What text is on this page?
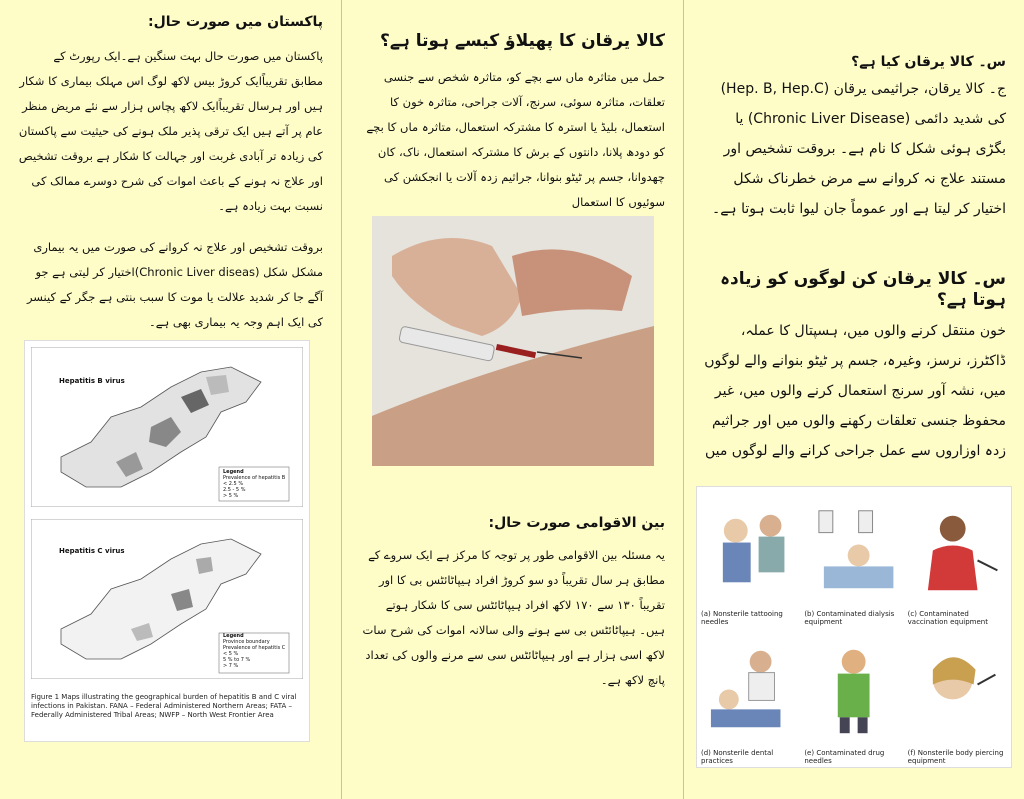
پاکستان میں صورت حال:

پاکستان میں صورت حال بہت سنگین ہے۔ایک رپورٹ کے مطابق تقریباًایک کروڑ بیس لاکھ لوگ اس مہلک بیماری کا شکار ہیں اور ہرسال تقریباًایک لاکھ پچاس ہزار سے نئے مریض منظر عام پر آتے ہیں ایک ترقی پذیر ملک ہونے کی حیثیت سے پاکستان کی زیادہ تر آبادی غربت اور جہالت کا شکار ہے بروقت تشخیص اور علاج نہ ہونے کے باعث اموات کی شرح دوسرے ممالک کی نسبت بہت زیادہ ہے۔

بروقت تشخیص اور علاج نہ کروانے کی صورت میں یہ بیماری مشکل شکل (Chronic Liver diseas)اختیار کر لیتی ہے جو آگے جا کر شدید علالت یا موت کا سبب بنتی ہے جگر کے کینسر کی ایک اہم وجہ یہ بیماری بھی ہے۔

Hepatitis B virus
Legend
Prevalence of hepatitis B
< 2.5 %
2.5 - 5 %
> 5 %
Hepatitis C virus
Legend
Province boundary
Prevalence of hepatitis C
< 5 %
5 % to 7 %
> 7 %
Figure 1 Maps illustrating the geographical burden of hepatitis B and C viral infections in Pakistan. FANA – Federal Administered Northern Areas; FATA – Federally Administered Tribal Areas; NWFP – North West Frontier Area

کالا یرقان کا پھیلاؤ کیسے ہوتا ہے؟

حمل میں متاثرہ ماں سے بچے کو، متاثرہ شخص سے جنسی تعلقات، متاثرہ سوئی، سرنج، آلات جراحی، متاثرہ خون کا استعمال، بلیڈ یا استرہ کا مشترکہ استعمال، متاثرہ ماں کا بچے کو دودھ پلانا، دانتوں کے برش کا مشترکہ استعمال، ناک، کان چھدوانا، جسم پر ٹیٹو بنوانا، جراثیم زدہ آلات یا انجکشن کی سوئیوں کا استعمال

بین الاقوامی صورت حال:

یہ مسئلہ بین الاقوامی طور پر توجہ کا مرکز ہے ایک سروے کے مطابق ہر سال تقریباً دو سو کروڑ افراد ہیپاٹائٹس بی کا اور تقریباً ۱۳۰ سے ۱۷۰ لاکھ افراد ہیپاٹائٹس سی کا شکار ہوتے ہیں۔ ہیپاٹائٹس بی سے ہونے والی سالانہ اموات کی شرح سات لاکھ اسی ہزار ہے اور ہیپاٹائٹس سی سے مرنے والوں کی تعداد پانچ لاکھ ہے۔

س۔ کالا یرقان کیا ہے؟

ج۔ کالا یرقان، جراثیمی یرقان (Hep. B, Hep.C) کی شدید دائمی (Chronic Liver Disease) یا بگڑی ہوئی شکل کا نام ہے۔ بروقت تشخیص اور مستند علاج نہ کروانے سے مرض خطرناک شکل اختیار کر لیتا ہے اور عموماً جان لیوا ثابت ہوتا ہے۔

س۔ کالا یرقان کن لوگوں کو زیادہ ہوتا ہے؟

خون منتقل کرنے والوں میں، ہسپتال کا عملہ، ڈاکٹرز، نرسز، وغیرہ، جسم پر ٹیٹو بنوانے والے لوگوں میں، نشہ آور سرنج استعمال کرنے والوں میں، غیر محفوظ جنسی تعلقات رکھنے والوں میں اور جراثیم زدہ اوزاروں سے عمل جراحی کرانے والے لوگوں میں

(a) Nonsterile tattooing needles
(b) Contaminated dialysis equipment
(c) Contaminated vaccination equipment
(d) Nonsterile dental practices
(e) Contaminated drug needles
(f) Nonsterile body piercing equipment
